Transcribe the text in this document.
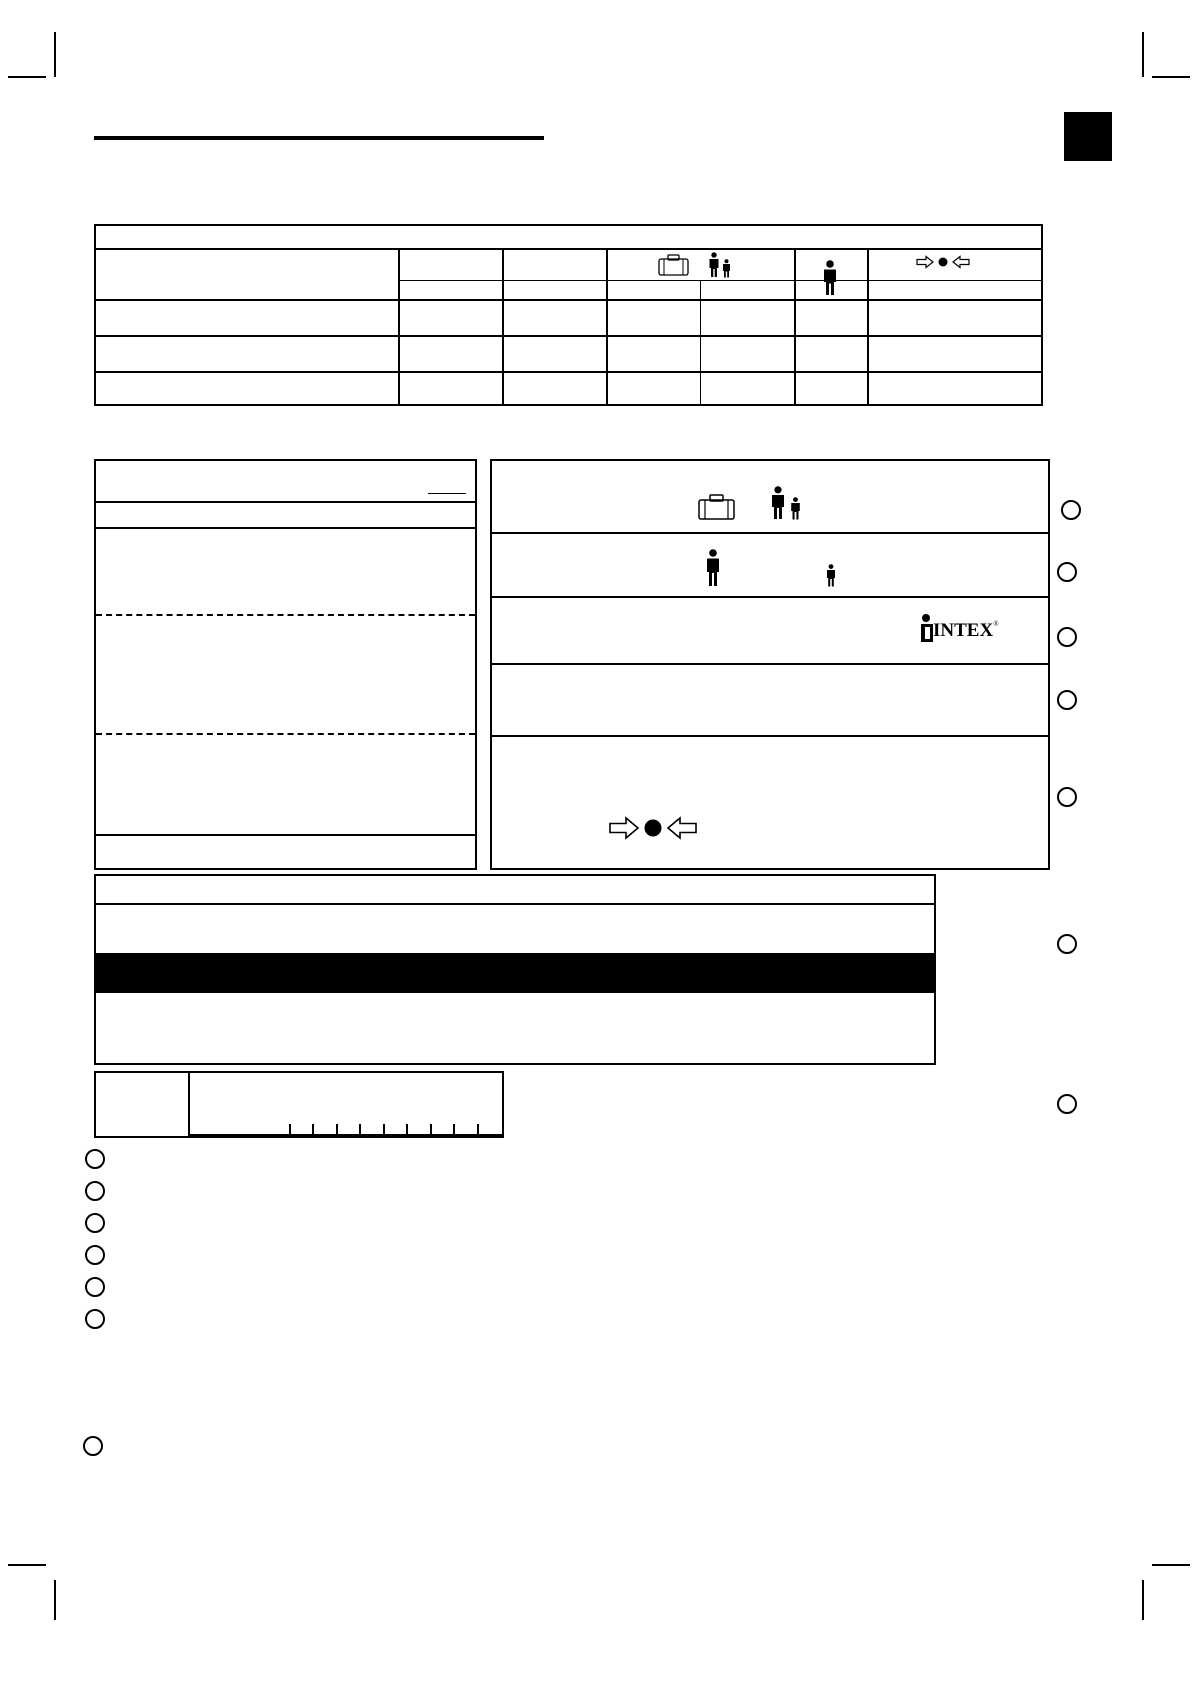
INTEX®
